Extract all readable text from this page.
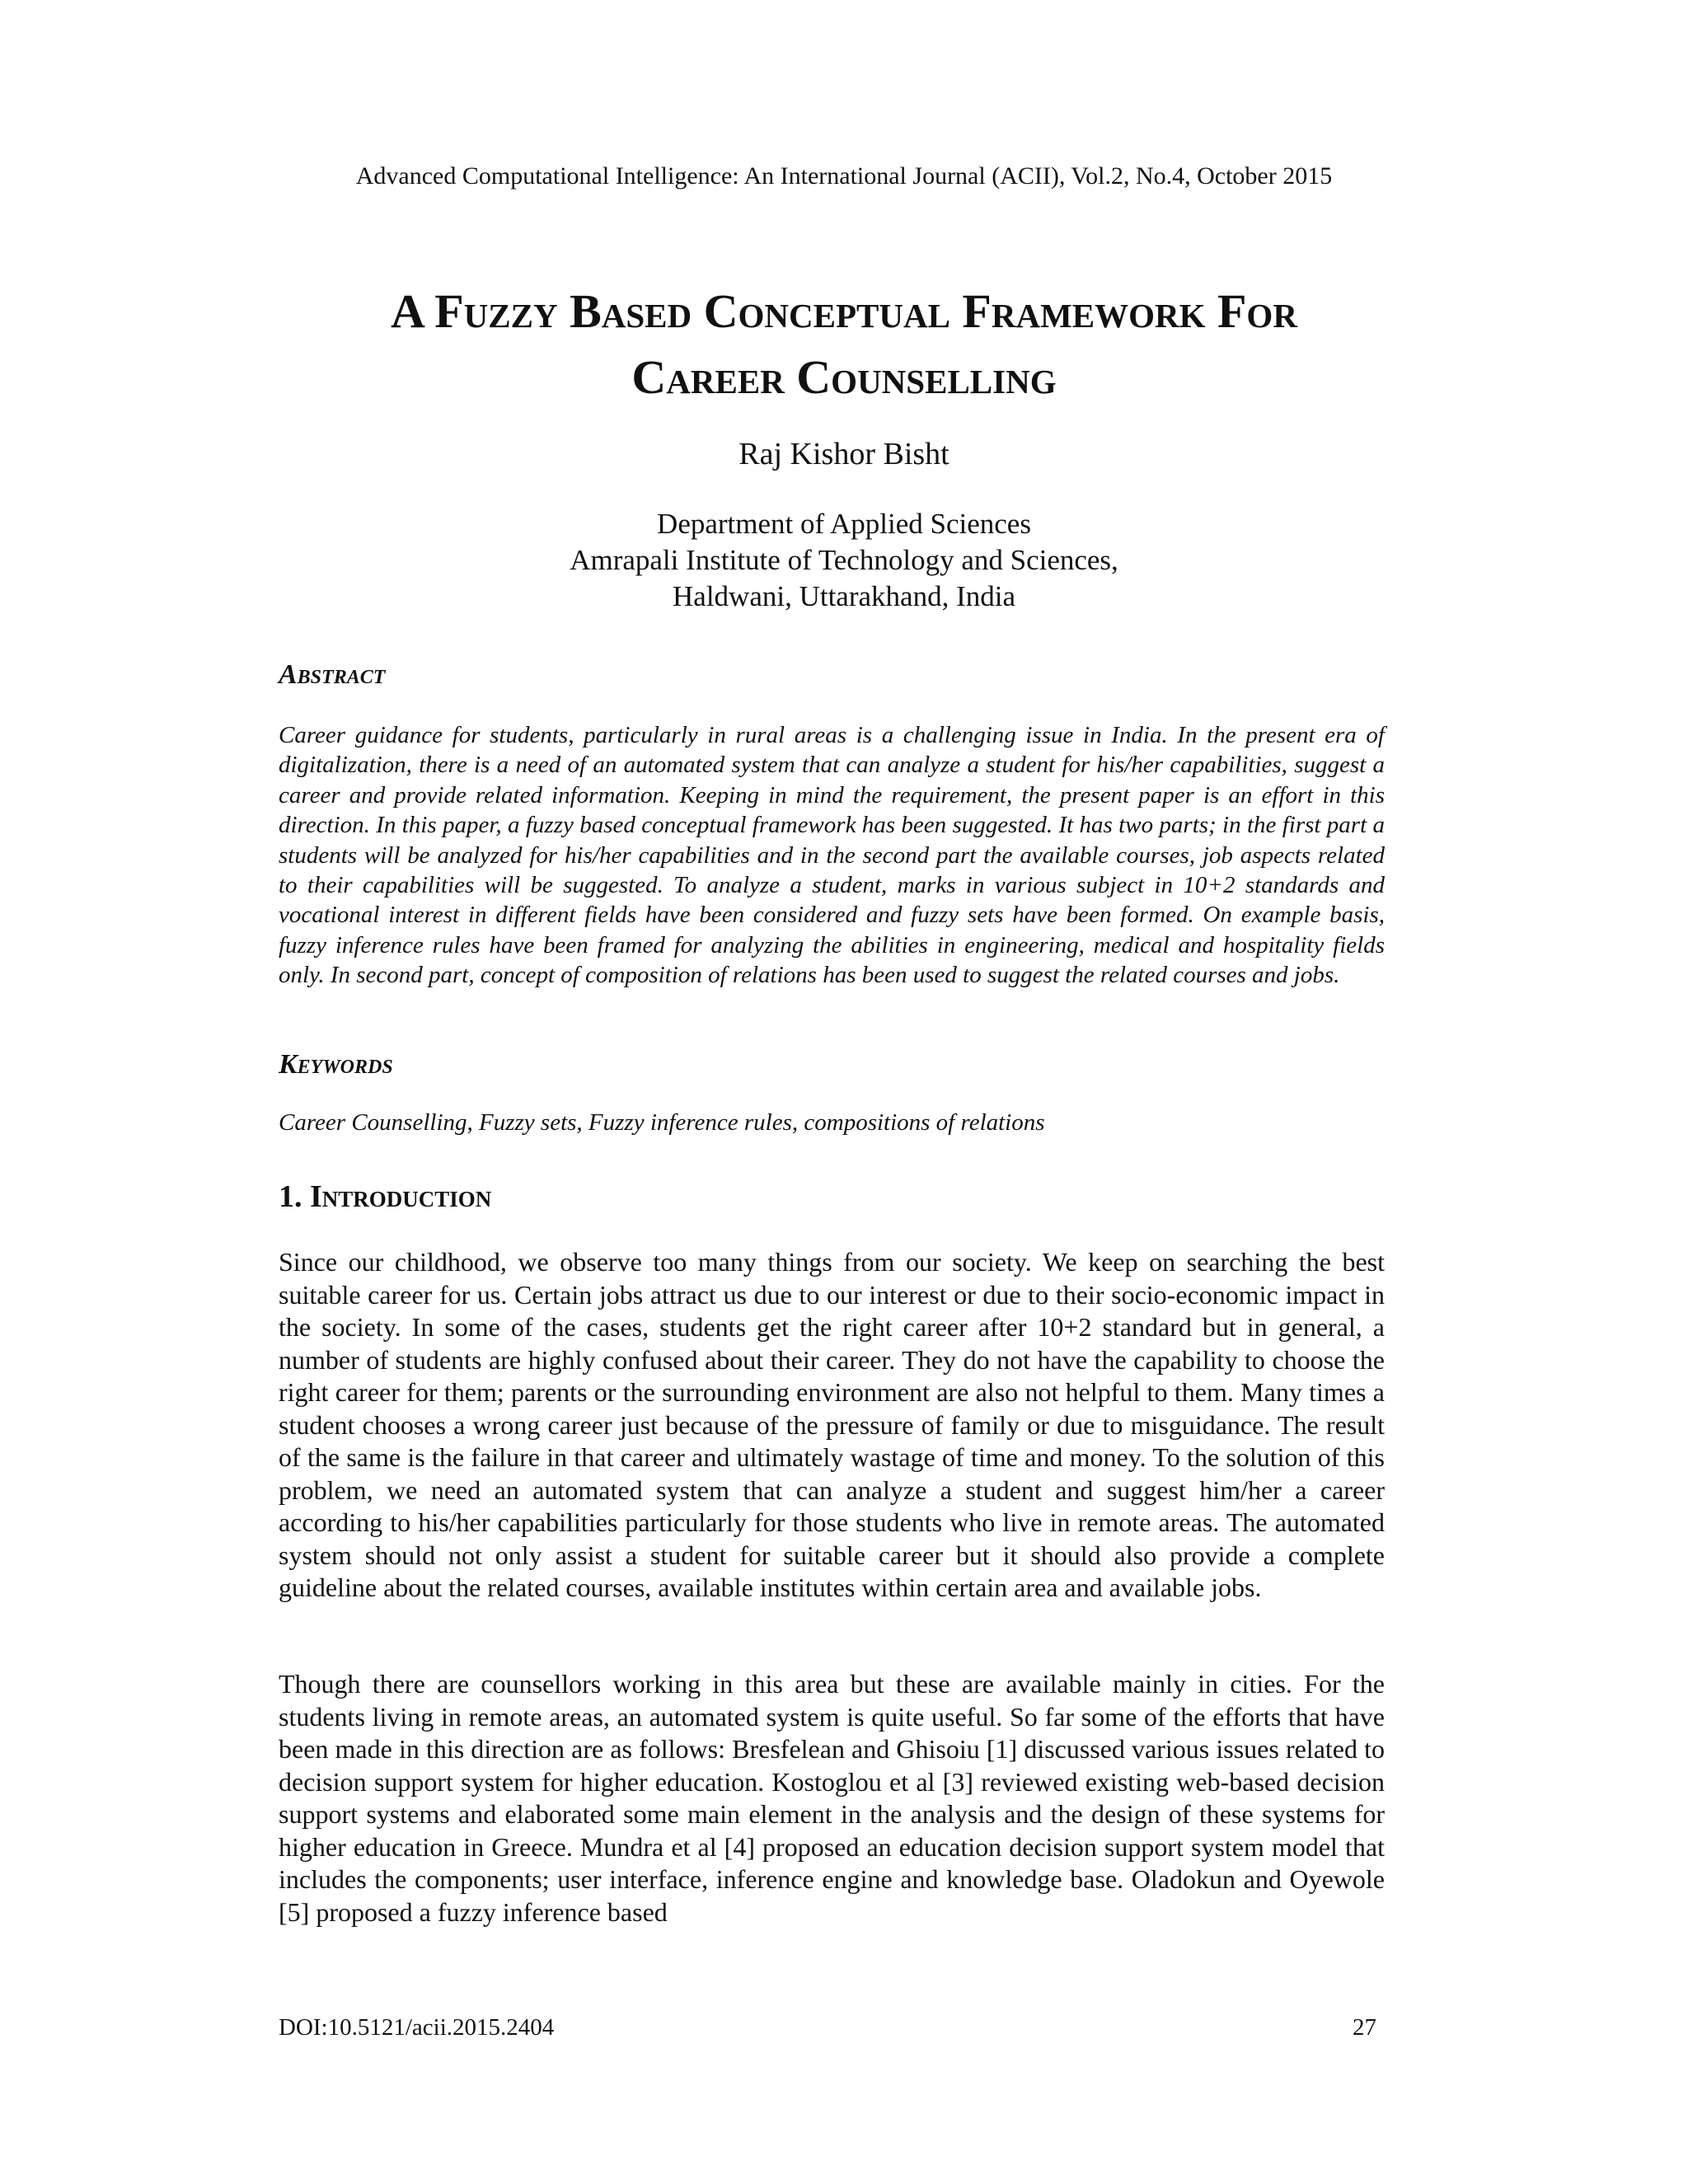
Advanced Computational Intelligence: An International Journal (ACII), Vol.2, No.4, October 2015
A Fuzzy Based Conceptual Framework For
Career Counselling
Raj Kishor Bisht
Department of Applied Sciences
Amrapali Institute of Technology and Sciences,
Haldwani, Uttarakhand, India
Abstract
Career guidance for students, particularly in rural areas is a challenging issue in India. In the present era of digitalization, there is a need of an automated system that can analyze a student for his/her capabilities, suggest a career and provide related information. Keeping in mind the requirement, the present paper is an effort in this direction. In this paper, a fuzzy based conceptual framework has been suggested. It has two parts; in the first part a students will be analyzed for his/her capabilities and in the second part the available courses, job aspects related to their capabilities will be suggested. To analyze a student, marks in various subject in 10+2 standards and vocational interest in different fields have been considered and fuzzy sets have been formed. On example basis, fuzzy inference rules have been framed for analyzing the abilities in engineering, medical and hospitality fields only. In second part, concept of composition of relations has been used to suggest the related courses and jobs.
Keywords
Career Counselling, Fuzzy sets, Fuzzy inference rules, compositions of relations
1. Introduction
Since our childhood, we observe too many things from our society. We keep on searching the best suitable career for us. Certain jobs attract us due to our interest or due to their socio-economic impact in the society. In some of the cases, students get the right career after 10+2 standard but in general, a number of students are highly confused about their career. They do not have the capability to choose the right career for them; parents or the surrounding environment are also not helpful to them. Many times a student chooses a wrong career just because of the pressure of family or due to misguidance. The result of the same is the failure in that career and ultimately wastage of time and money. To the solution of this problem, we need an automated system that can analyze a student and suggest him/her a career according to his/her capabilities particularly for those students who live in remote areas. The automated system should not only assist a student for suitable career but it should also provide a complete guideline about the related courses, available institutes within certain area and available jobs.
Though there are counsellors working in this area but these are available mainly in cities. For the students living in remote areas, an automated system is quite useful. So far some of the efforts that have been made in this direction are as follows: Bresfelean and Ghisoiu [1] discussed various issues related to decision support system for higher education. Kostoglou et al [3] reviewed existing web-based decision support systems and elaborated some main element in the analysis and the design of these systems for higher education in Greece. Mundra et al [4] proposed an education decision support system model that includes the components; user interface, inference engine and knowledge base. Oladokun and Oyewole [5] proposed a fuzzy inference based
DOI:10.5121/acii.2015.2404	27
